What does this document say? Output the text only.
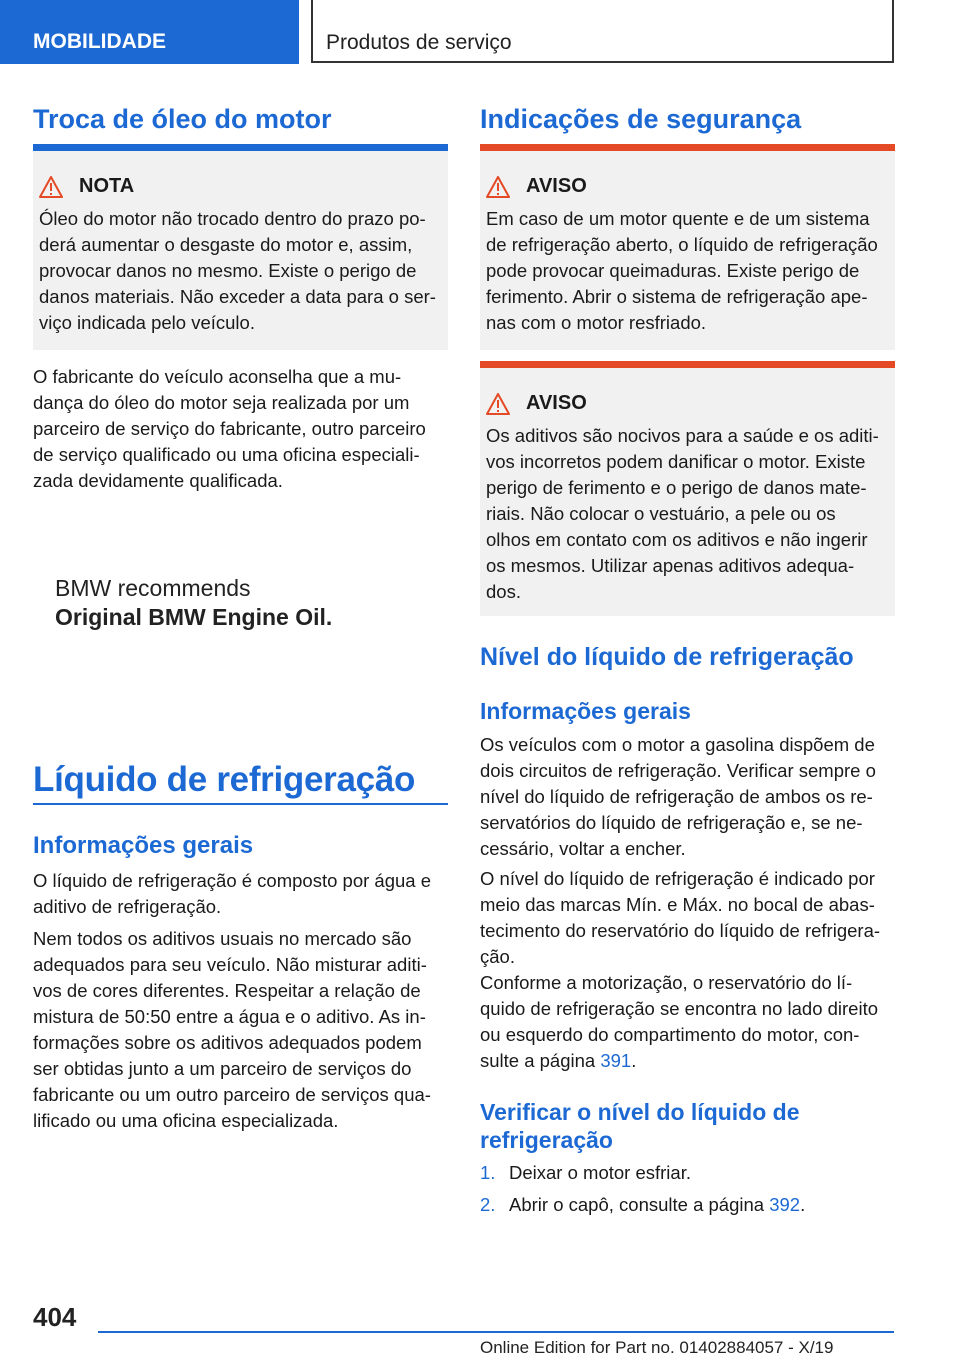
MOBILIDADE	Produtos de serviço
Troca de óleo do motor
NOTA

Óleo do motor não trocado dentro do prazo po-
derá aumentar o desgaste do motor e, assim,
provocar danos no mesmo. Existe o perigo de
danos materiais. Não exceder a data para o ser-
viço indicada pelo veículo.

O fabricante do veículo aconselha que a mu-
dança do óleo do motor seja realizada por um
parceiro de serviço do fabricante, outro parceiro
de serviço qualificado ou uma oficina especiali-
zada devidamente qualificada.

BMW recommends
Original BMW Engine Oil.
Líquido de refrigeração
Informações gerais

O líquido de refrigeração é composto por água e
aditivo de refrigeração.

Nem todos os aditivos usuais no mercado são
adequados para seu veículo. Não misturar aditi-
vos de cores diferentes. Respeitar a relação de
mistura de 50:50 entre a água e o aditivo. As in-
formações sobre os aditivos adequados podem
ser obtidas junto a um parceiro de serviços do
fabricante ou um outro parceiro de serviços qua-
lificado ou uma oficina especializada.

Indicações de segurança
AVISO

Em caso de um motor quente e de um sistema
de refrigeração aberto, o líquido de refrigeração
pode provocar queimaduras. Existe perigo de
ferimento. Abrir o sistema de refrigeração ape-
nas com o motor resfriado.

AVISO

Os aditivos são nocivos para a saúde e os aditi-
vos incorretos podem danificar o motor. Existe
perigo de ferimento e o perigo de danos mate-
riais. Não colocar o vestuário, a pele ou os
olhos em contato com os aditivos e não ingerir
os mesmos. Utilizar apenas aditivos adequa-
dos.

Nível do líquido de refrigeração
Informações gerais

Os veículos com o motor a gasolina dispõem de
dois circuitos de refrigeração. Verificar sempre o
nível do líquido de refrigeração de ambos os re-
servatórios do líquido de refrigeração e, se ne-
cessário, voltar a encher.

O nível do líquido de refrigeração é indicado por
meio das marcas Mín. e Máx. no bocal de abas-
tecimento do reservatório do líquido de refrigera-
ção.

Conforme a motorização, o reservatório do lí-
quido de refrigeração se encontra no lado direito
ou esquerdo do compartimento do motor, con-
sulte a página 391.

Verificar o nível do líquido de
refrigeração
1. Deixar o motor esfriar.
2. Abrir o capô, consulte a página 392.
404
Online Edition for Part no. 01402884057 - X/19
